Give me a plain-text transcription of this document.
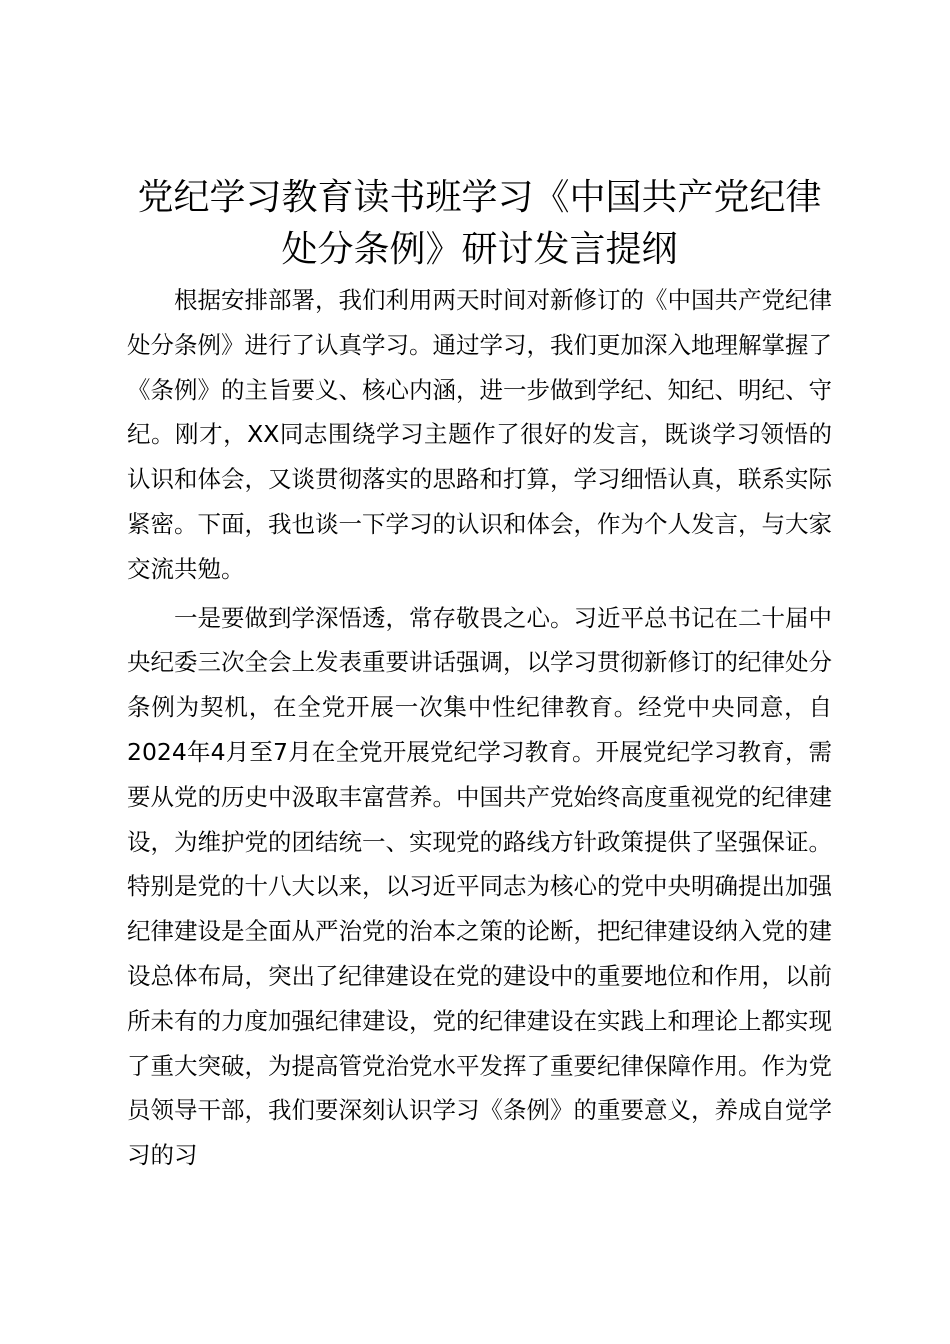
党纪学习教育读书班学习《中国共产党纪律处分条例》研讨发言提纲

根据安排部署，我们利用两天时间对新修订的《中国共产党纪律处分条例》进行了认真学习。通过学习，我们更加深入地理解掌握了《条例》的主旨要义、核心内涵，进一步做到学纪、知纪、明纪、守纪。刚才，XX同志围绕学习主题作了很好的发言，既谈学习领悟的认识和体会，又谈贯彻落实的思路和打算，学习细悟认真，联系实际紧密。下面，我也谈一下学习的认识和体会，作为个人发言，与大家交流共勉。

一是要做到学深悟透，常存敬畏之心。习近平总书记在二十届中央纪委三次全会上发表重要讲话强调，以学习贯彻新修订的纪律处分条例为契机，在全党开展一次集中性纪律教育。经党中央同意，自2024年4月至7月在全党开展党纪学习教育。开展党纪学习教育，需要从党的历史中汲取丰富营养。中国共产党始终高度重视党的纪律建设，为维护党的团结统一、实现党的路线方针政策提供了坚强保证。特别是党的十八大以来，以习近平同志为核心的党中央明确提出加强纪律建设是全面从严治党的治本之策的论断，把纪律建设纳入党的建设总体布局，突出了纪律建设在党的建设中的重要地位和作用，以前所未有的力度加强纪律建设，党的纪律建设在实践上和理论上都实现了重大突破，为提高管党治党水平发挥了重要纪律保障作用。作为党员领导干部，我们要深刻认识学习《条例》的重要意义，养成自觉学习的习
